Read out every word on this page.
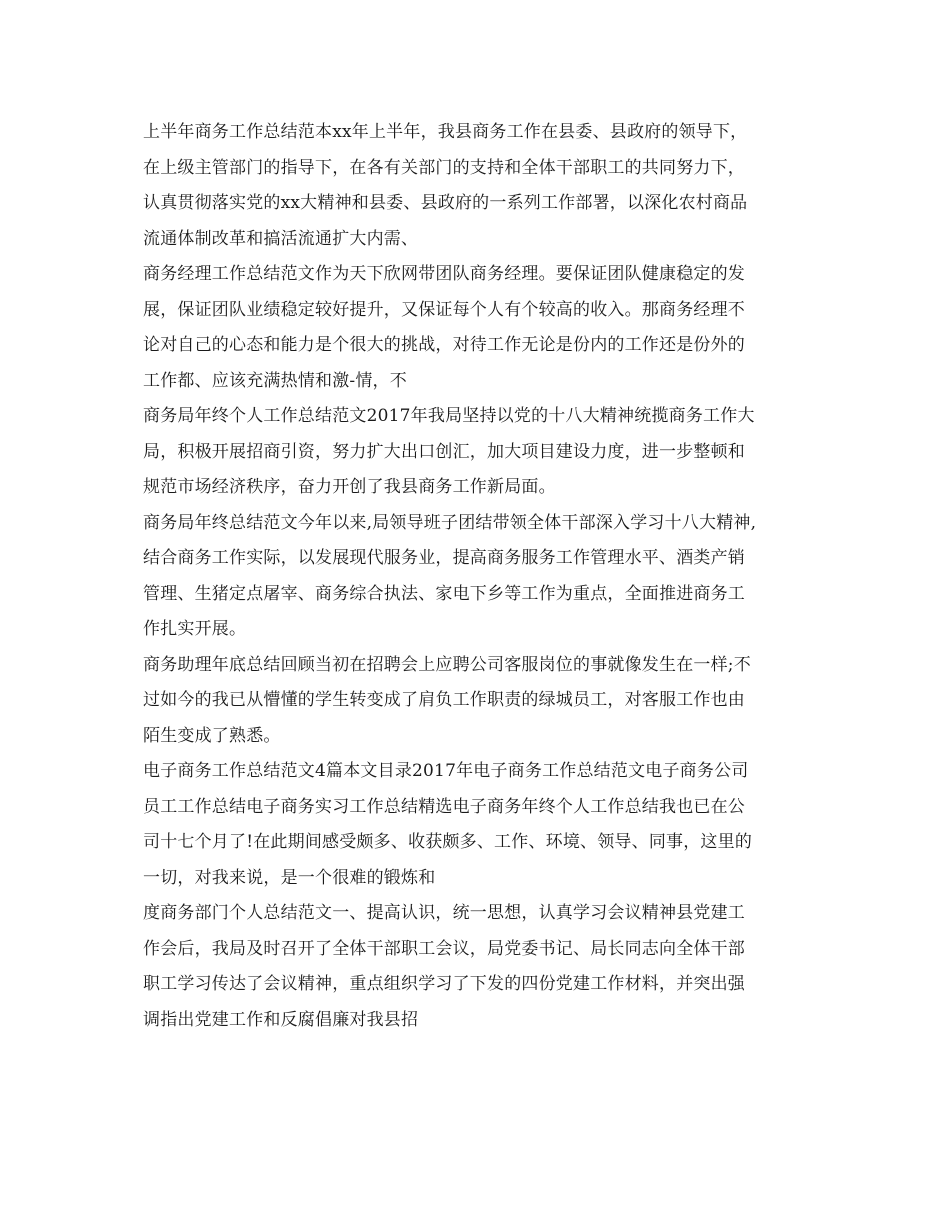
上半年商务工作总结范本xx年上半年，我县商务工作在县委、县政府的领导下，
在上级主管部门的指导下，在各有关部门的支持和全体干部职工的共同努力下，
认真贯彻落实党的xx大精神和县委、县政府的一系列工作部署，以深化农村商品
流通体制改革和搞活流通扩大内需、
商务经理工作总结范文作为天下欣网带团队商务经理。要保证团队健康稳定的发
展，保证团队业绩稳定较好提升，又保证每个人有个较高的收入。那商务经理不
论对自己的心态和能力是个很大的挑战，对待工作无论是份内的工作还是份外的
工作都、应该充满热情和激-情，不
商务局年终个人工作总结范文2017年我局坚持以党的十八大精神统揽商务工作大
局，积极开展招商引资，努力扩大出口创汇，加大项目建设力度，进一步整顿和
规范市场经济秩序，奋力开创了我县商务工作新局面。
商务局年终总结范文今年以来,局领导班子团结带领全体干部深入学习十八大精神,
结合商务工作实际，以发展现代服务业，提高商务服务工作管理水平、酒类产销
管理、生猪定点屠宰、商务综合执法、家电下乡等工作为重点，全面推进商务工
作扎实开展。
商务助理年底总结回顾当初在招聘会上应聘公司客服岗位的事就像发生在一样;不
过如今的我已从懵懂的学生转变成了肩负工作职责的绿城员工，对客服工作也由
陌生变成了熟悉。
电子商务工作总结范文4篇本文目录2017年电子商务工作总结范文电子商务公司
员工工作总结电子商务实习工作总结精选电子商务年终个人工作总结我也已在公
司十七个月了!在此期间感受颇多、收获颇多、工作、环境、领导、同事，这里的
一切，对我来说，是一个很难的锻炼和
度商务部门个人总结范文一、提高认识，统一思想，认真学习会议精神县党建工
作会后，我局及时召开了全体干部职工会议，局党委书记、局长同志向全体干部
职工学习传达了会议精神，重点组织学习了下发的四份党建工作材料，并突出强
调指出党建工作和反腐倡廉对我县招
